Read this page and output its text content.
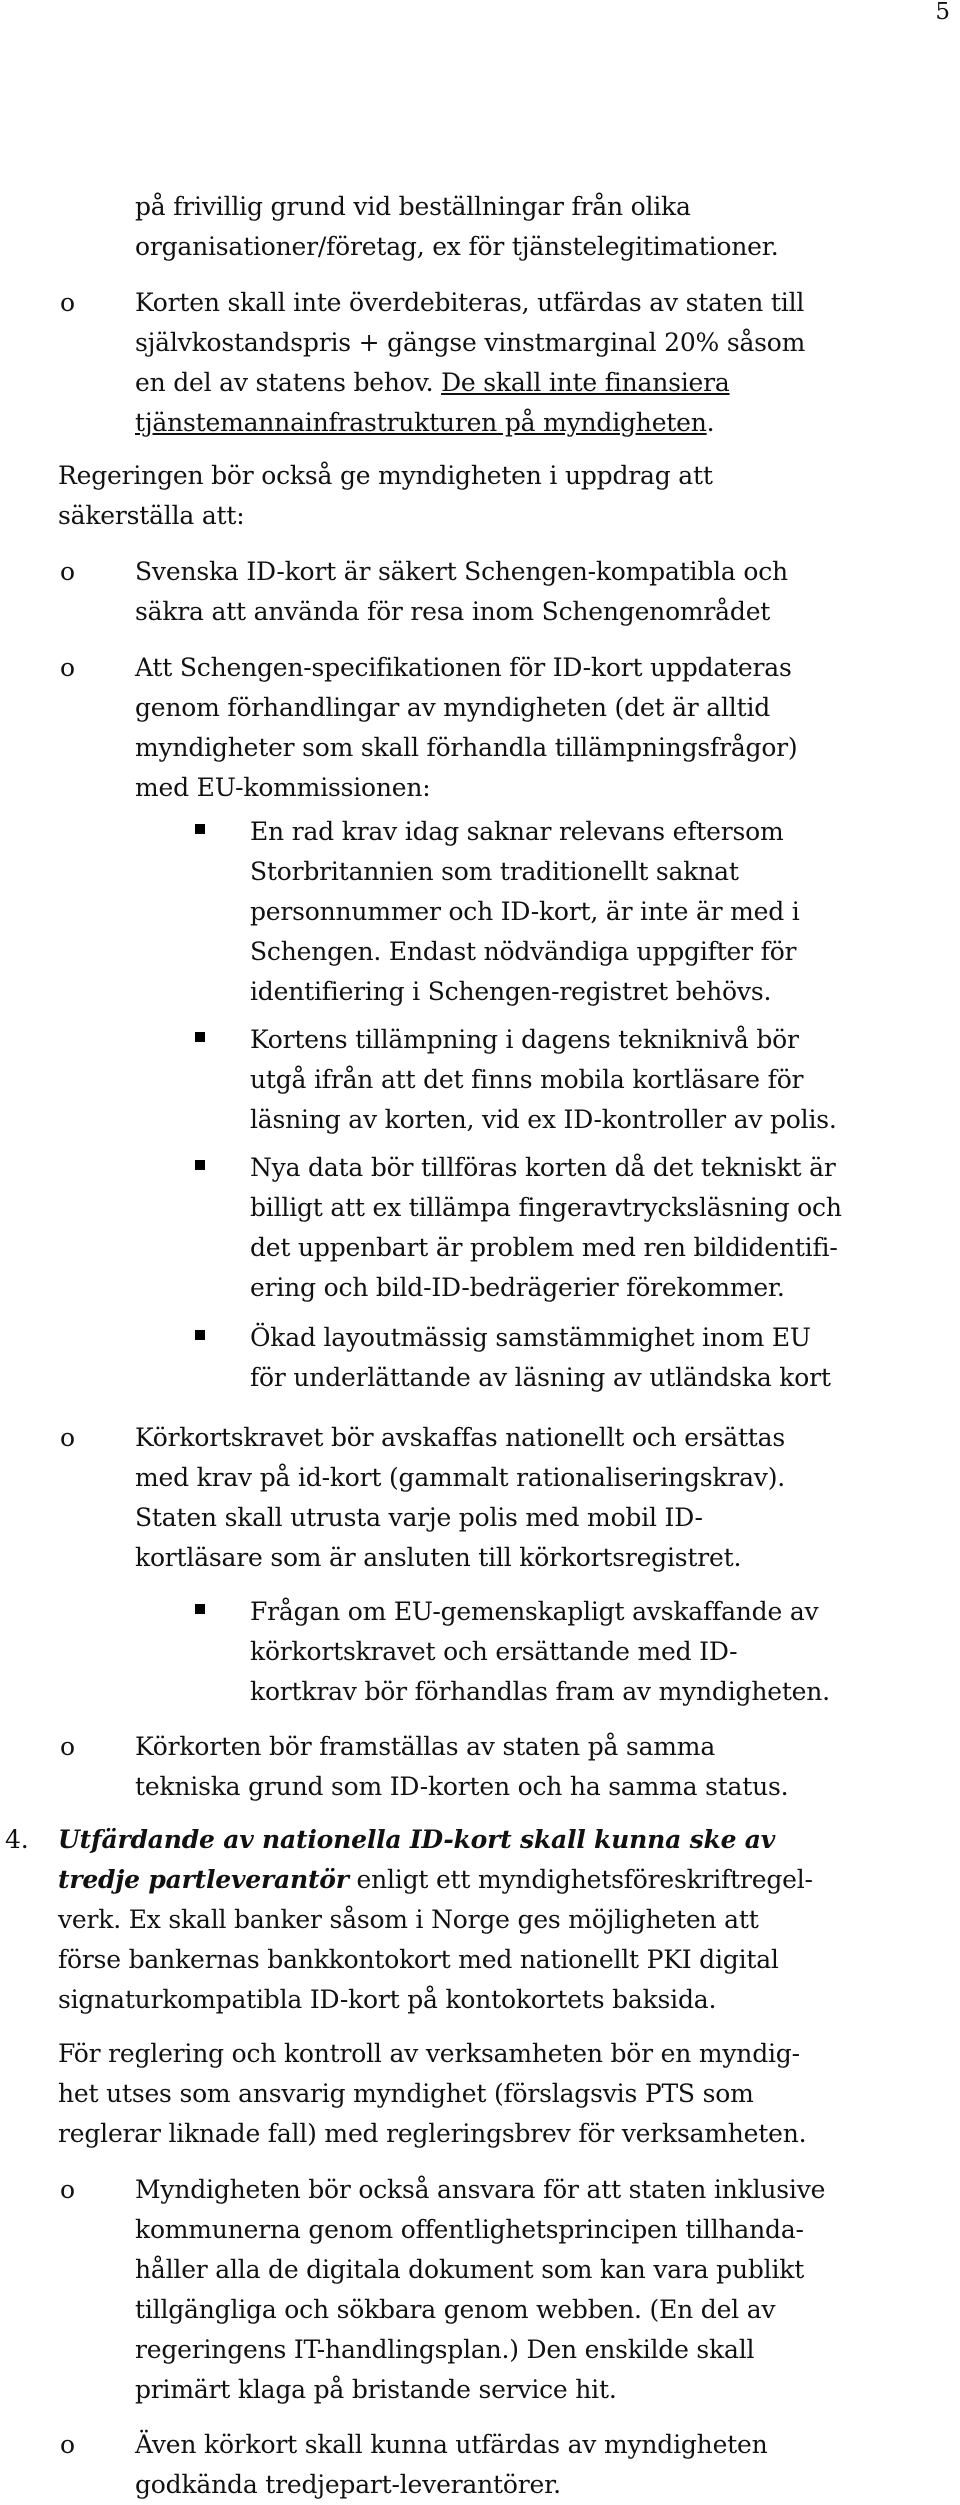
5
på frivillig grund vid beställningar från olika
organisationer/företag, ex för tjänstelegitimationer.
o Korten skall inte överdebiteras, utfärdas av staten till
självkostandspris + gängse vinstmarginal 20% såsom
en del av statens behov. De skall inte finansiera
tjänstemannainfrastrukturen på myndigheten.
Regeringen bör också ge myndigheten i uppdrag att
säkerställa att:
o Svenska ID-kort är säkert Schengen-kompatibla och
säkra att använda för resa inom Schengenområdet
o Att Schengen-specifikationen för ID-kort uppdateras
genom förhandlingar av myndigheten (det är alltid
myndigheter som skall förhandla tillämpningsfrågor)
med EU-kommissionen:
En rad krav idag saknar relevans eftersom
Storbritannien som traditionellt saknat
personnummer och ID-kort, är inte är med i
Schengen. Endast nödvändiga uppgifter för
identifiering i Schengen-registret behövs.
Kortens tillämpning i dagens tekniknivå bör
utgå ifrån att det finns mobila kortläsare för
läsning av korten, vid ex ID-kontroller av polis.
Nya data bör tillföras korten då det tekniskt är
billigt att ex tillämpa fingeravtrycksläsning och
det uppenbart är problem med ren bildidentifi-
ering och bild-ID-bedrägerier förekommer.
Ökad layoutmässig samstämmighet inom EU
för underlättande av läsning av utländska kort
o Körkortskravet bör avskaffas nationellt och ersättas
med krav på id-kort (gammalt rationaliseringskrav).
Staten skall utrusta varje polis med mobil ID-
kortläsare som är ansluten till körkortsregistret.
Frågan om EU-gemenskapligt avskaffande av
körkortskravet och ersättande med ID-
kortkrav bör förhandlas fram av myndigheten.
o Körkorten bör framställas av staten på samma
tekniska grund som ID-korten och ha samma status.
4. Utfärdande av nationella ID-kort skall kunna ske av
tredje partleverantör enligt ett myndighetsföreskriftregel-
verk. Ex skall banker såsom i Norge ges möjligheten att
förse bankernas bankkontokort med nationellt PKI digital
signaturkompatibla ID-kort på kontokortets baksida.
För reglering och kontroll av verksamheten bör en myndig-
het utses som ansvarig myndighet (förslagsvis PTS som
reglerar liknade fall) med regleringsbrev för verksamheten.
o Myndigheten bör också ansvara för att staten inklusive
kommunerna genom offentlighetsprincipen tillhanda-
håller alla de digitala dokument som kan vara publikt
tillgängliga och sökbara genom webben. (En del av
regeringens IT-handlingsplan.) Den enskilde skall
primärt klaga på bristande service hit.
o Även körkort skall kunna utfärdas av myndigheten
godkända tredjepart-leverantörer.
